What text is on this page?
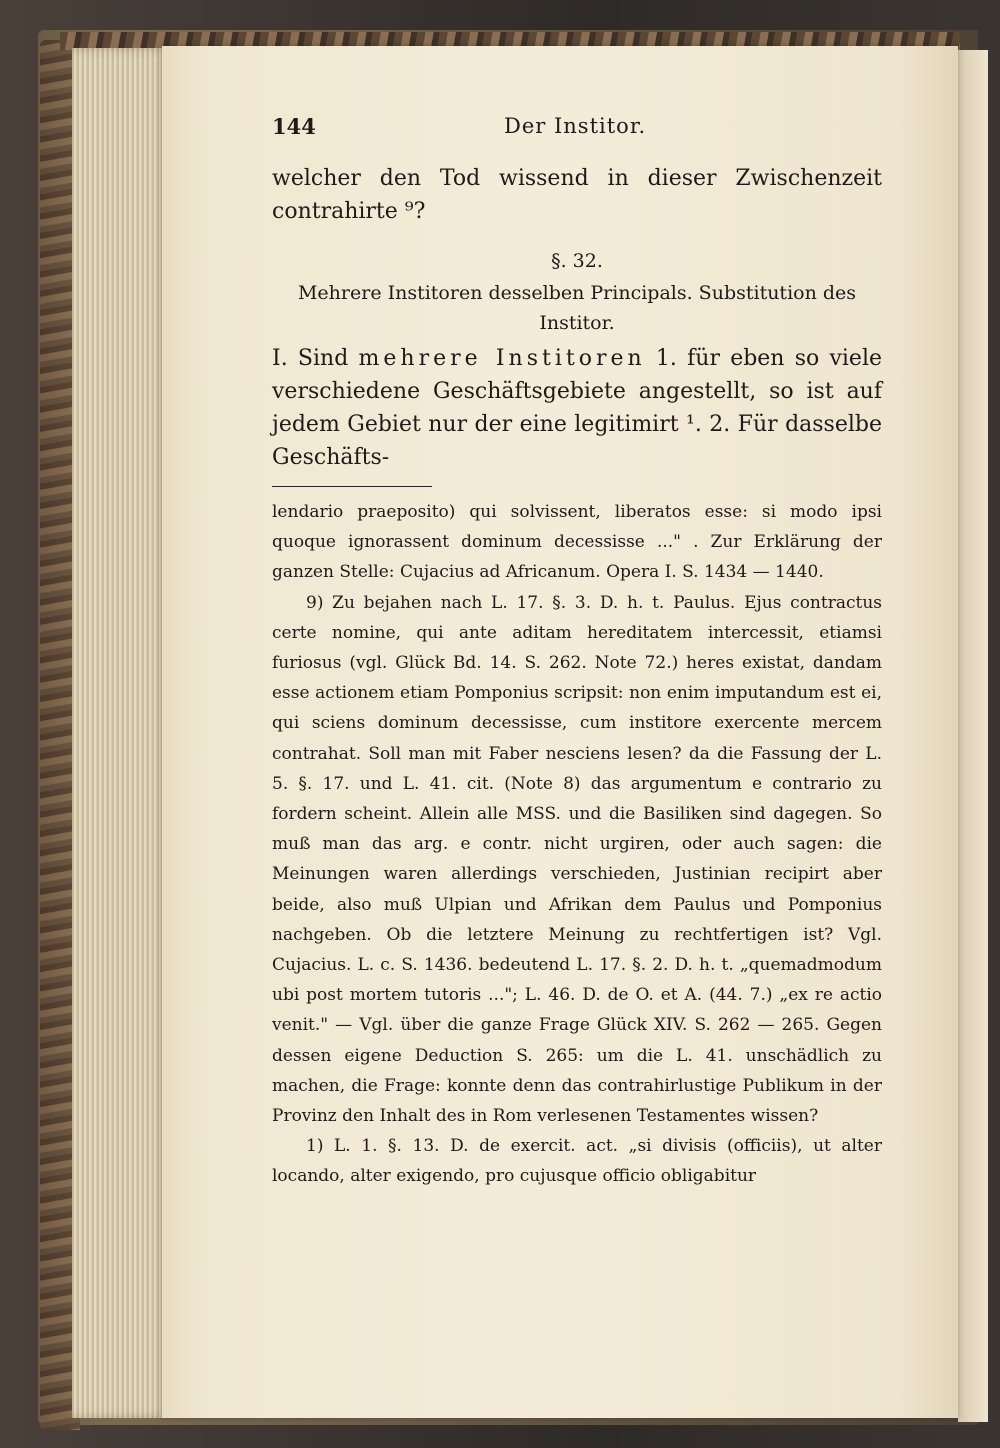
144	Der Institor.
welcher den Tod wissend in dieser Zwischenzeit contrahirte ⁹?
§. 32.
Mehrere Institoren desselben Principals. Substitution des Institor.
I. Sind mehrere Institoren 1. für eben so viele verschiedene Geschäftsgebiete angestellt, so ist auf jedem Gebiet nur der eine legitimirt ¹. 2. Für dasselbe Geschäfts-

lendario praeposito) qui solvissent, liberatos esse: si modo ipsi quoque ignorassent dominum decessisse ..." . Zur Erklärung der ganzen Stelle: Cujacius ad Africanum. Opera I. S. 1434 — 1440.

9) Zu bejahen nach L. 17. §. 3. D. h. t. Paulus. Ejus contractus certe nomine, qui ante aditam hereditatem intercessit, etiamsi furiosus (vgl. Glück Bd. 14. S. 262. Note 72.) heres existat, dandam esse actionem etiam Pomponius scripsit: non enim imputandum est ei, qui sciens dominum decessisse, cum institore exercente mercem contrahat. Soll man mit Faber nesciens lesen? da die Fassung der L. 5. §. 17. und L. 41. cit. (Note 8) das argumentum e contrario zu fordern scheint. Allein alle MSS. und die Basiliken sind dagegen. So muß man das arg. e contr. nicht urgiren, oder auch sagen: die Meinungen waren allerdings verschieden, Justinian recipirt aber beide, also muß Ulpian und Afrikan dem Paulus und Pomponius nachgeben. Ob die letztere Meinung zu rechtfertigen ist? Vgl. Cujacius. L. c. S. 1436. bedeutend L. 17. §. 2. D. h. t. „quemadmodum ubi post mortem tutoris ..."; L. 46. D. de O. et A. (44. 7.) „ex re actio venit." — Vgl. über die ganze Frage Glück XIV. S. 262 — 265. Gegen dessen eigene Deduction S. 265: um die L. 41. unschädlich zu machen, die Frage: konnte denn das contrahirlustige Publikum in der Provinz den Inhalt des in Rom verlesenen Testamentes wissen?

1) L. 1. §. 13. D. de exercit. act. „si divisis (officiis), ut alter locando, alter exigendo, pro cujusque officio obligabitur
